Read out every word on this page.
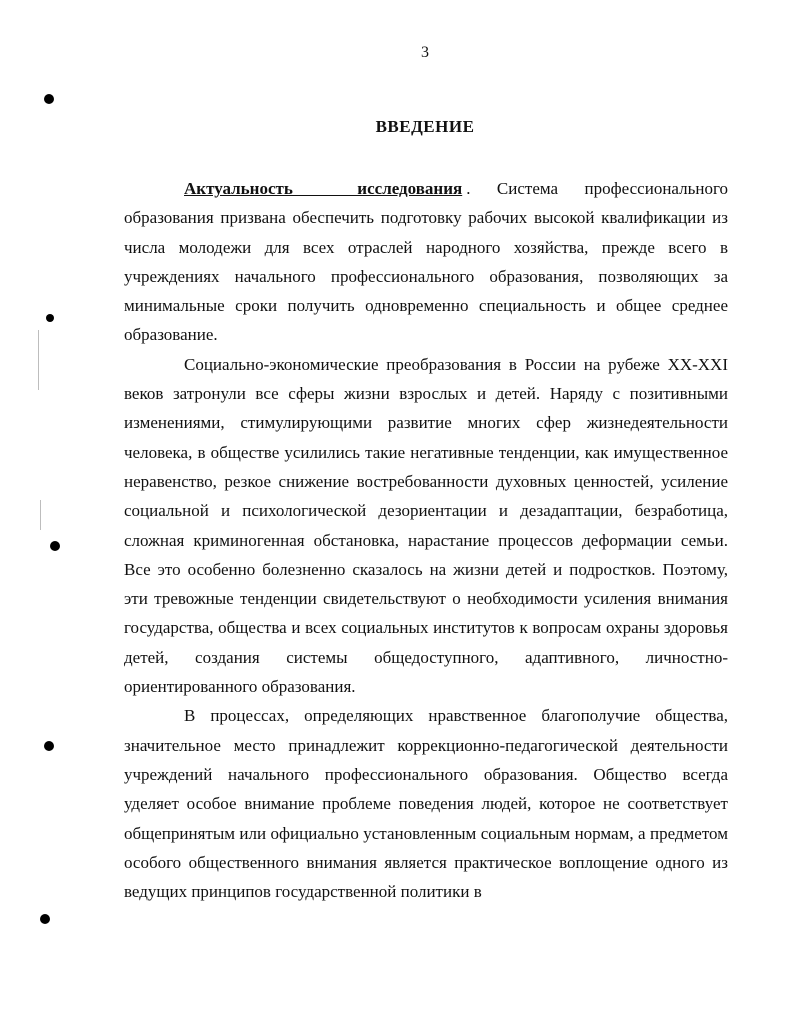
3
ВВЕДЕНИЕ

Актуальность исследования . Система профессионального образования призвана обеспечить подготовку рабочих высокой квалификации из числа молодежи для всех отраслей народного хозяйства, прежде всего в учреждениях начального профессионального образования, позволяющих за минимальные сроки получить одновременно специальность и общее среднее образование.

Социально-экономические преобразования в России на рубеже XX-XXI веков затронули все сферы жизни взрослых и детей. Наряду с позитивными изменениями, стимулирующими развитие многих сфер жизнедеятельности человека, в обществе усилились такие негативные тенденции, как имущественное неравенство, резкое снижение востребованности духовных ценностей, усиление социальной и психологической дезориентации и дезадаптации, безработица, сложная криминогенная обстановка, нарастание процессов деформации семьи. Все это особенно болезненно сказалось на жизни детей и подростков. Поэтому, эти тревожные тенденции свидетельствуют о необходимости усиления внимания государства, общества и всех социальных институтов к вопросам охраны здоровья детей, создания системы общедоступного, адаптивного, личностно-ориентированного образования.

В процессах, определяющих нравственное благополучие общества, значительное место принадлежит коррекционно-педагогической деятельности учреждений начального профессионального образования. Общество всегда уделяет особое внимание проблеме поведения людей, которое не соответствует общепринятым или официально установленным социальным нормам, а предметом особого общественного внимания является практическое воплощение одного из ведущих принципов государственной политики в
